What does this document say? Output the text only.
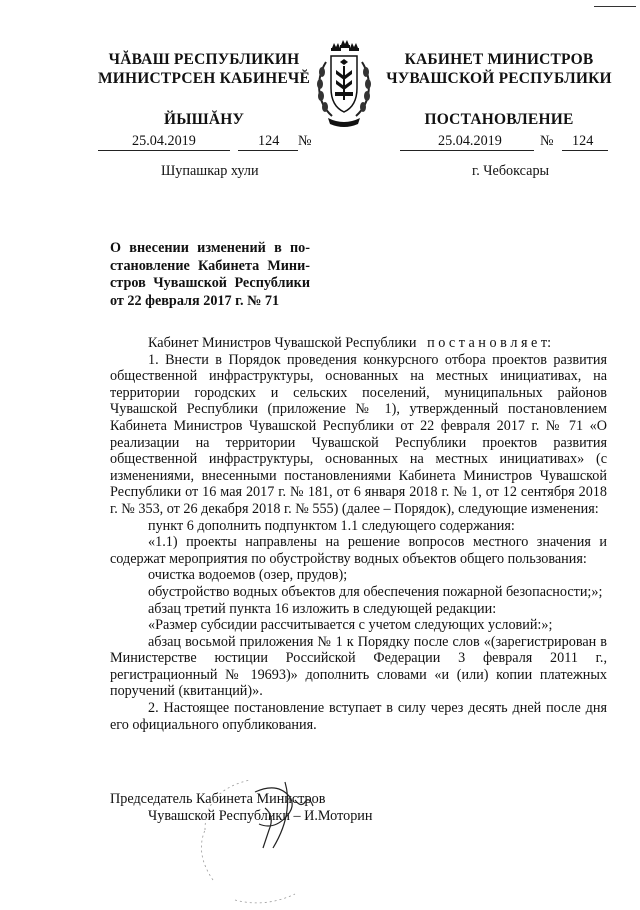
ЧĂВАШ РЕСПУБЛИКИН
МИНИСТРСЕН КАБИНЕЧĔ
ЙЫШĂНУ
КАБИНЕТ МИНИСТРОВ
ЧУВАШСКОЙ РЕСПУБЛИКИ
ПОСТАНОВЛЕНИЕ
25.04.2019	124 №	25.04.2019	№ 124
Шупашкар хули	г. Чебоксары
О внесении изменений в по-
становление Кабинета Мини-
стров Чувашской Республики
от 22 февраля 2017 г. № 71

Кабинет Министров Чувашской Республики п о с т а н о в л я е т:

1. Внести в Порядок проведения конкурсного отбора проектов развития общественной инфраструктуры, основанных на местных инициативах, на территории городских и сельских поселений, муниципальных районов Чувашской Республики (приложение № 1), утвержденный постановлением Кабинета Министров Чувашской Республики от 22 февраля 2017 г. № 71 «О реализации на территории Чувашской Республики проектов развития общественной инфраструктуры, основанных на местных инициативах» (с изменениями, внесенными постановлениями Кабинета Министров Чувашской Республики от 16 мая 2017 г. № 181, от 6 января 2018 г. № 1, от 12 сентября 2018 г. № 353, от 26 декабря 2018 г. № 555) (далее – Порядок), следующие изменения:

пункт 6 дополнить подпунктом 1.1 следующего содержания:

«1.1) проекты направлены на решение вопросов местного значения и содержат мероприятия по обустройству водных объектов общего пользования:

очистка водоемов (озер, прудов);

обустройство водных объектов для обеспечения пожарной безопасности;»;

абзац третий пункта 16 изложить в следующей редакции:

«Размер субсидии рассчитывается с учетом следующих условий:»;

абзац восьмой приложения № 1 к Порядку после слов «(зарегистрирован в Министерстве юстиции Российской Федерации 3 февраля 2011 г., регистрационный № 19693)» дополнить словами «и (или) копии платежных поручений (квитанций)».

2. Настоящее постановление вступает в силу через десять дней после дня его официального опубликования.

Председатель Кабинета Министров
Чувашской Республики – И.Моторин
